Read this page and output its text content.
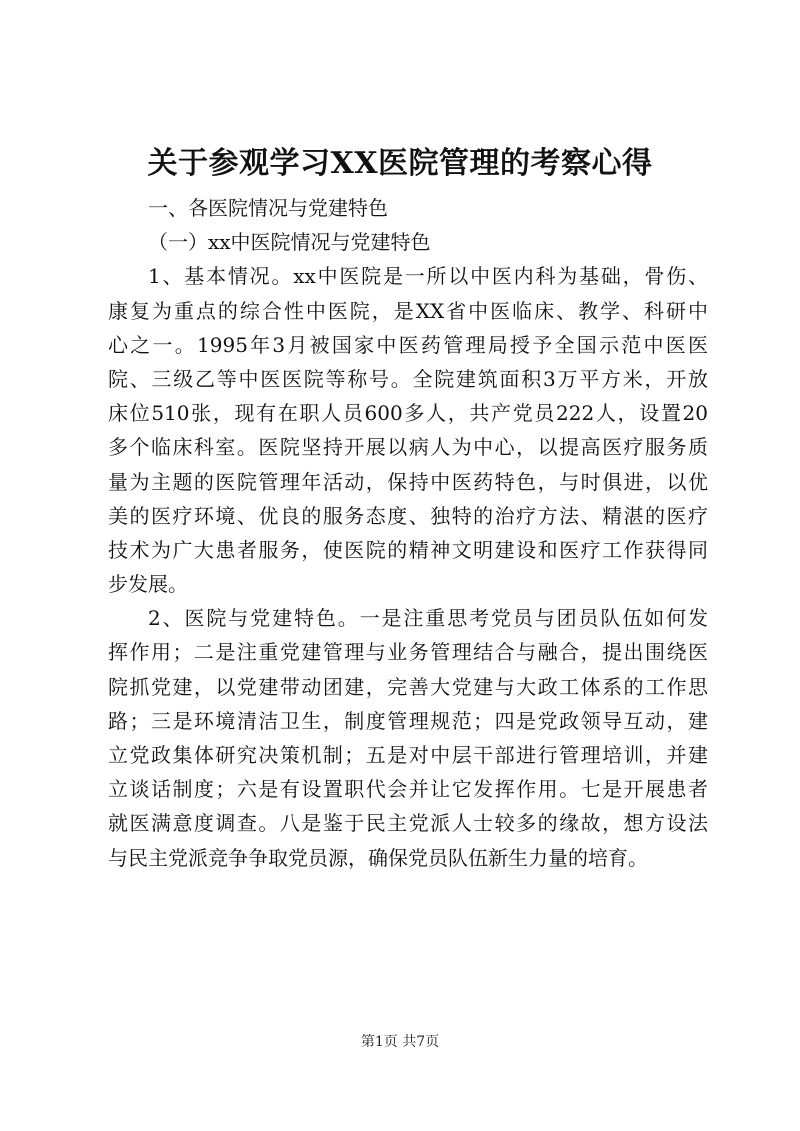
关于参观学习XX医院管理的考察心得
一、各医院情况与党建特色
（一）xx中医院情况与党建特色
1、基本情况。xx中医院是一所以中医内科为基础，骨伤、
康复为重点的综合性中医院，是XX省中医临床、教学、科研中
心之一。1995年3月被国家中医药管理局授予全国示范中医医
院、三级乙等中医医院等称号。全院建筑面积3万平方米，开放
床位510张，现有在职人员600多人，共产党员222人，设置20
多个临床科室。医院坚持开展以病人为中心，以提高医疗服务质
量为主题的医院管理年活动，保持中医药特色，与时俱进，以优
美的医疗环境、优良的服务态度、独特的治疗方法、精湛的医疗
技术为广大患者服务，使医院的精神文明建设和医疗工作获得同
步发展。
2、医院与党建特色。一是注重思考党员与团员队伍如何发
挥作用；二是注重党建管理与业务管理结合与融合，提出围绕医
院抓党建，以党建带动团建，完善大党建与大政工体系的工作思
路；三是环境清洁卫生，制度管理规范；四是党政领导互动，建
立党政集体研究决策机制；五是对中层干部进行管理培训，并建
立谈话制度；六是有设置职代会并让它发挥作用。七是开展患者
就医满意度调查。八是鉴于民主党派人士较多的缘故，想方设法
与民主党派竞争争取党员源，确保党员队伍新生力量的培育。
第1页 共7页
